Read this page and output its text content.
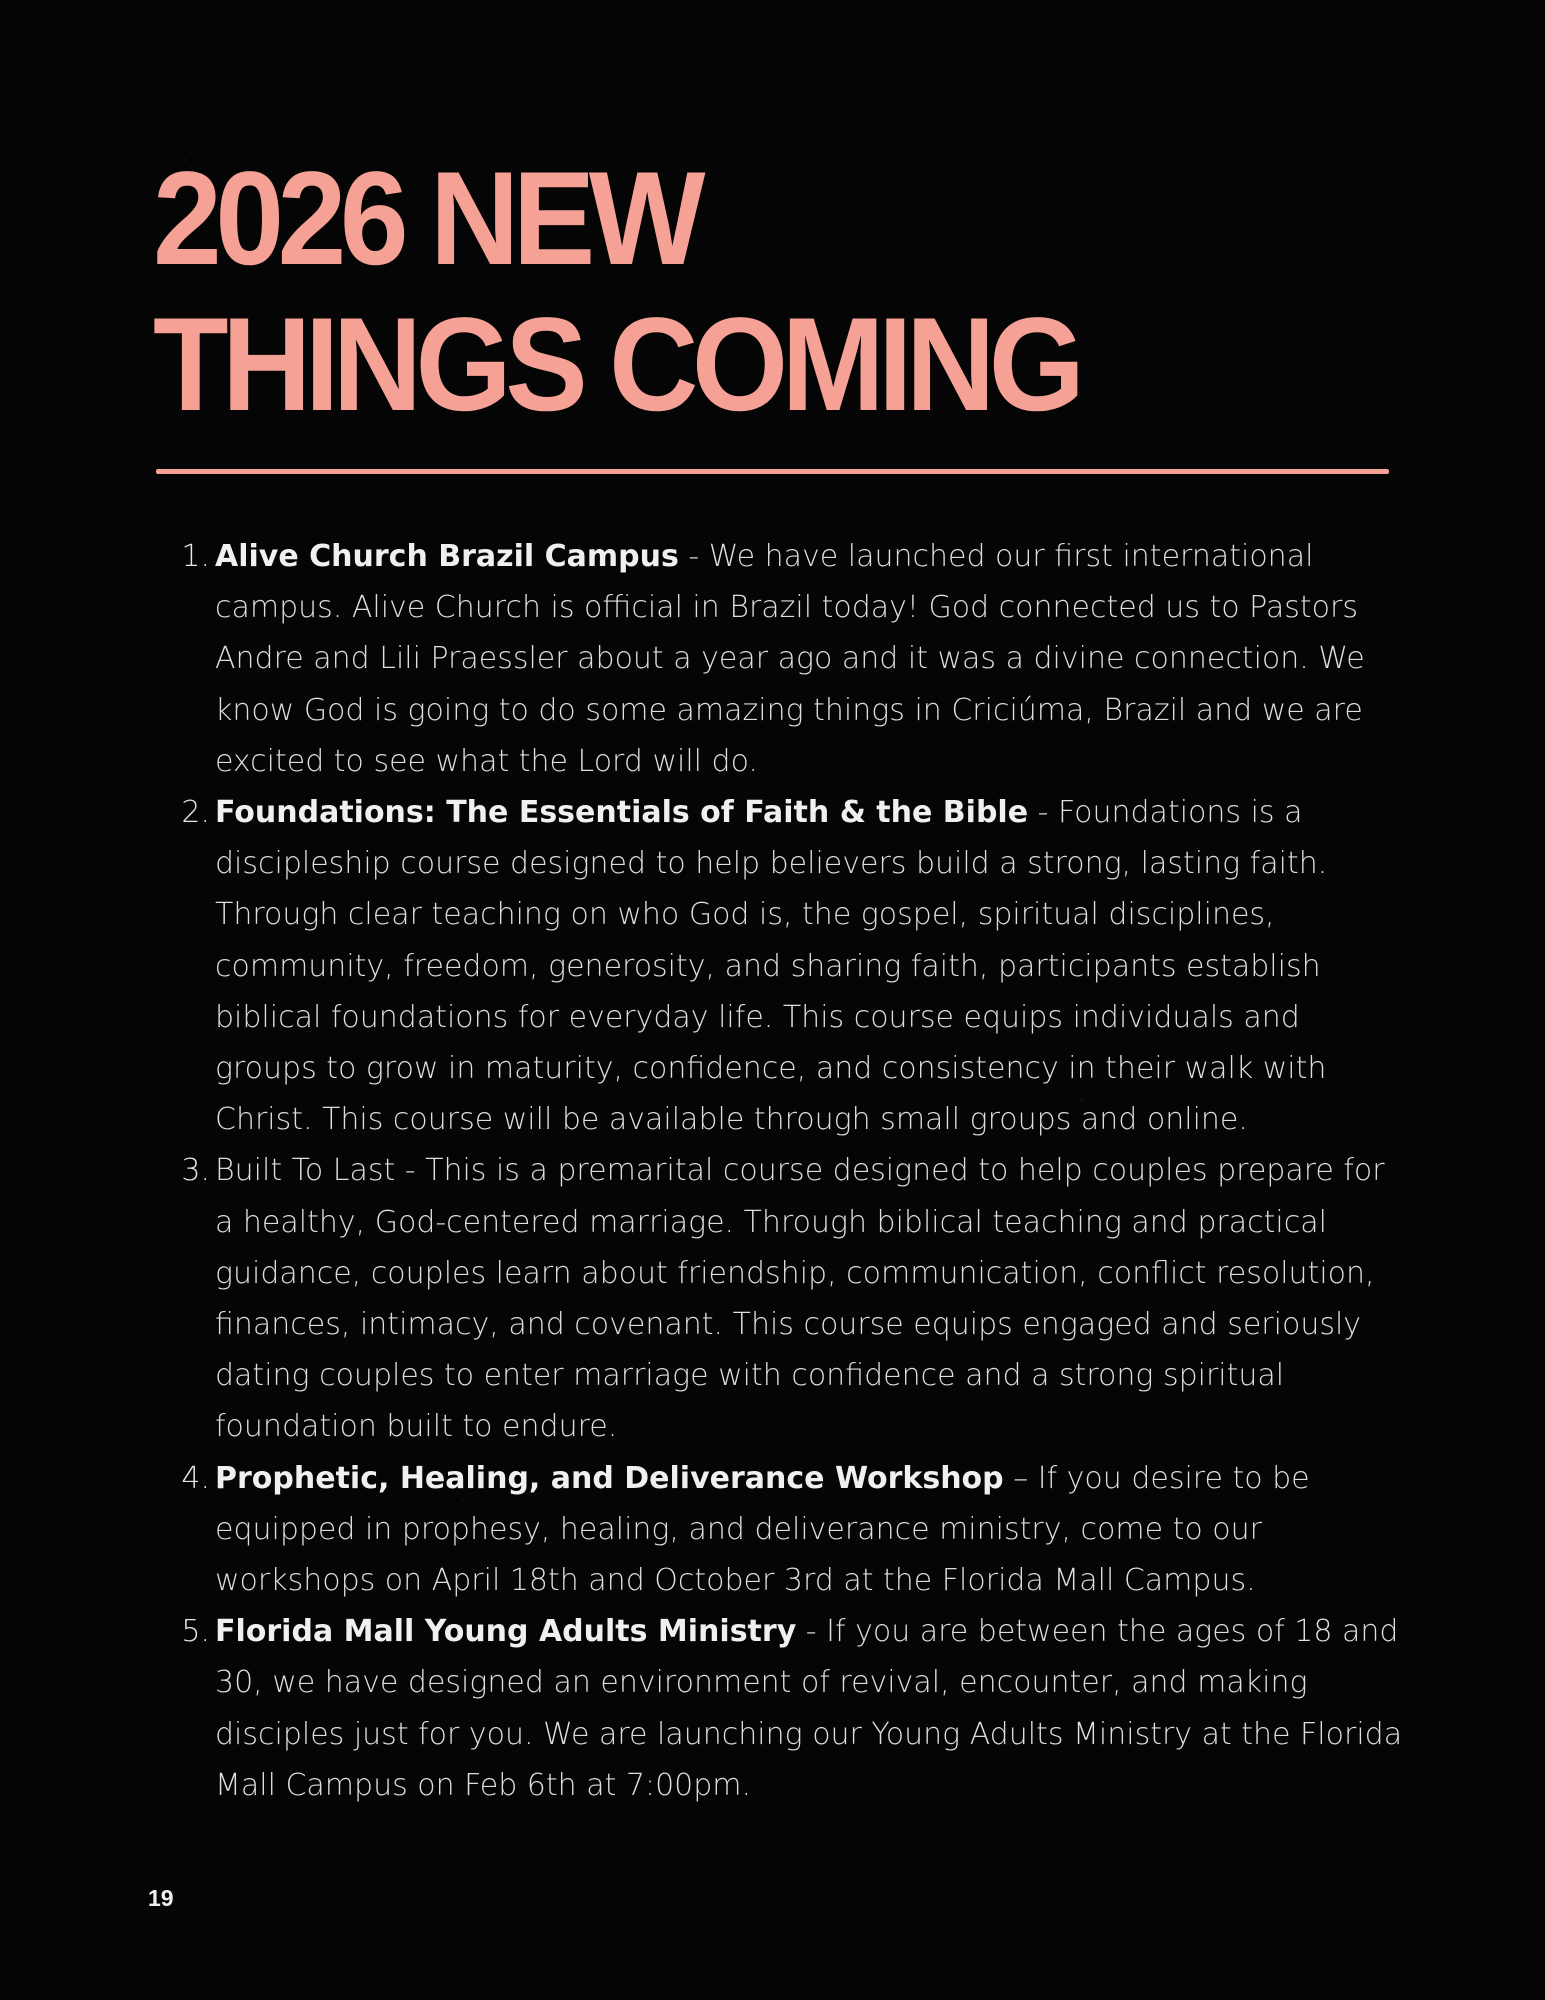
2026 NEW
THINGS COMING
Alive Church Brazil Campus - We have launched our first international campus. Alive Church is official in Brazil today! God connected us to Pastors Andre and Lili Praessler about a year ago and it was a divine connection. We know God is going to do some amazing things in Criciúma, Brazil and we are excited to see what the Lord will do.
Foundations: The Essentials of Faith & the Bible - Foundations is a discipleship course designed to help believers build a strong, lasting faith. Through clear teaching on who God is, the gospel, spiritual disciplines, community, freedom, generosity, and sharing faith, participants establish biblical foundations for everyday life. This course equips individuals and groups to grow in maturity, confidence, and consistency in their walk with Christ. This course will be available through small groups and online.
Built To Last - This is a premarital course designed to help couples prepare for a healthy, God-centered marriage. Through biblical teaching and practical guidance, couples learn about friendship, communication, conflict resolution, finances, intimacy, and covenant. This course equips engaged and seriously dating couples to enter marriage with confidence and a strong spiritual foundation built to endure.
Prophetic, Healing, and Deliverance Workshop – If you desire to be equipped in prophesy, healing, and deliverance ministry, come to our workshops on April 18th and October 3rd at the Florida Mall Campus.
Florida Mall Young Adults Ministry - If you are between the ages of 18 and 30, we have designed an environment of revival, encounter, and making disciples just for you. We are launching our Young Adults Ministry at the Florida Mall Campus on Feb 6th at 7:00pm.
19
